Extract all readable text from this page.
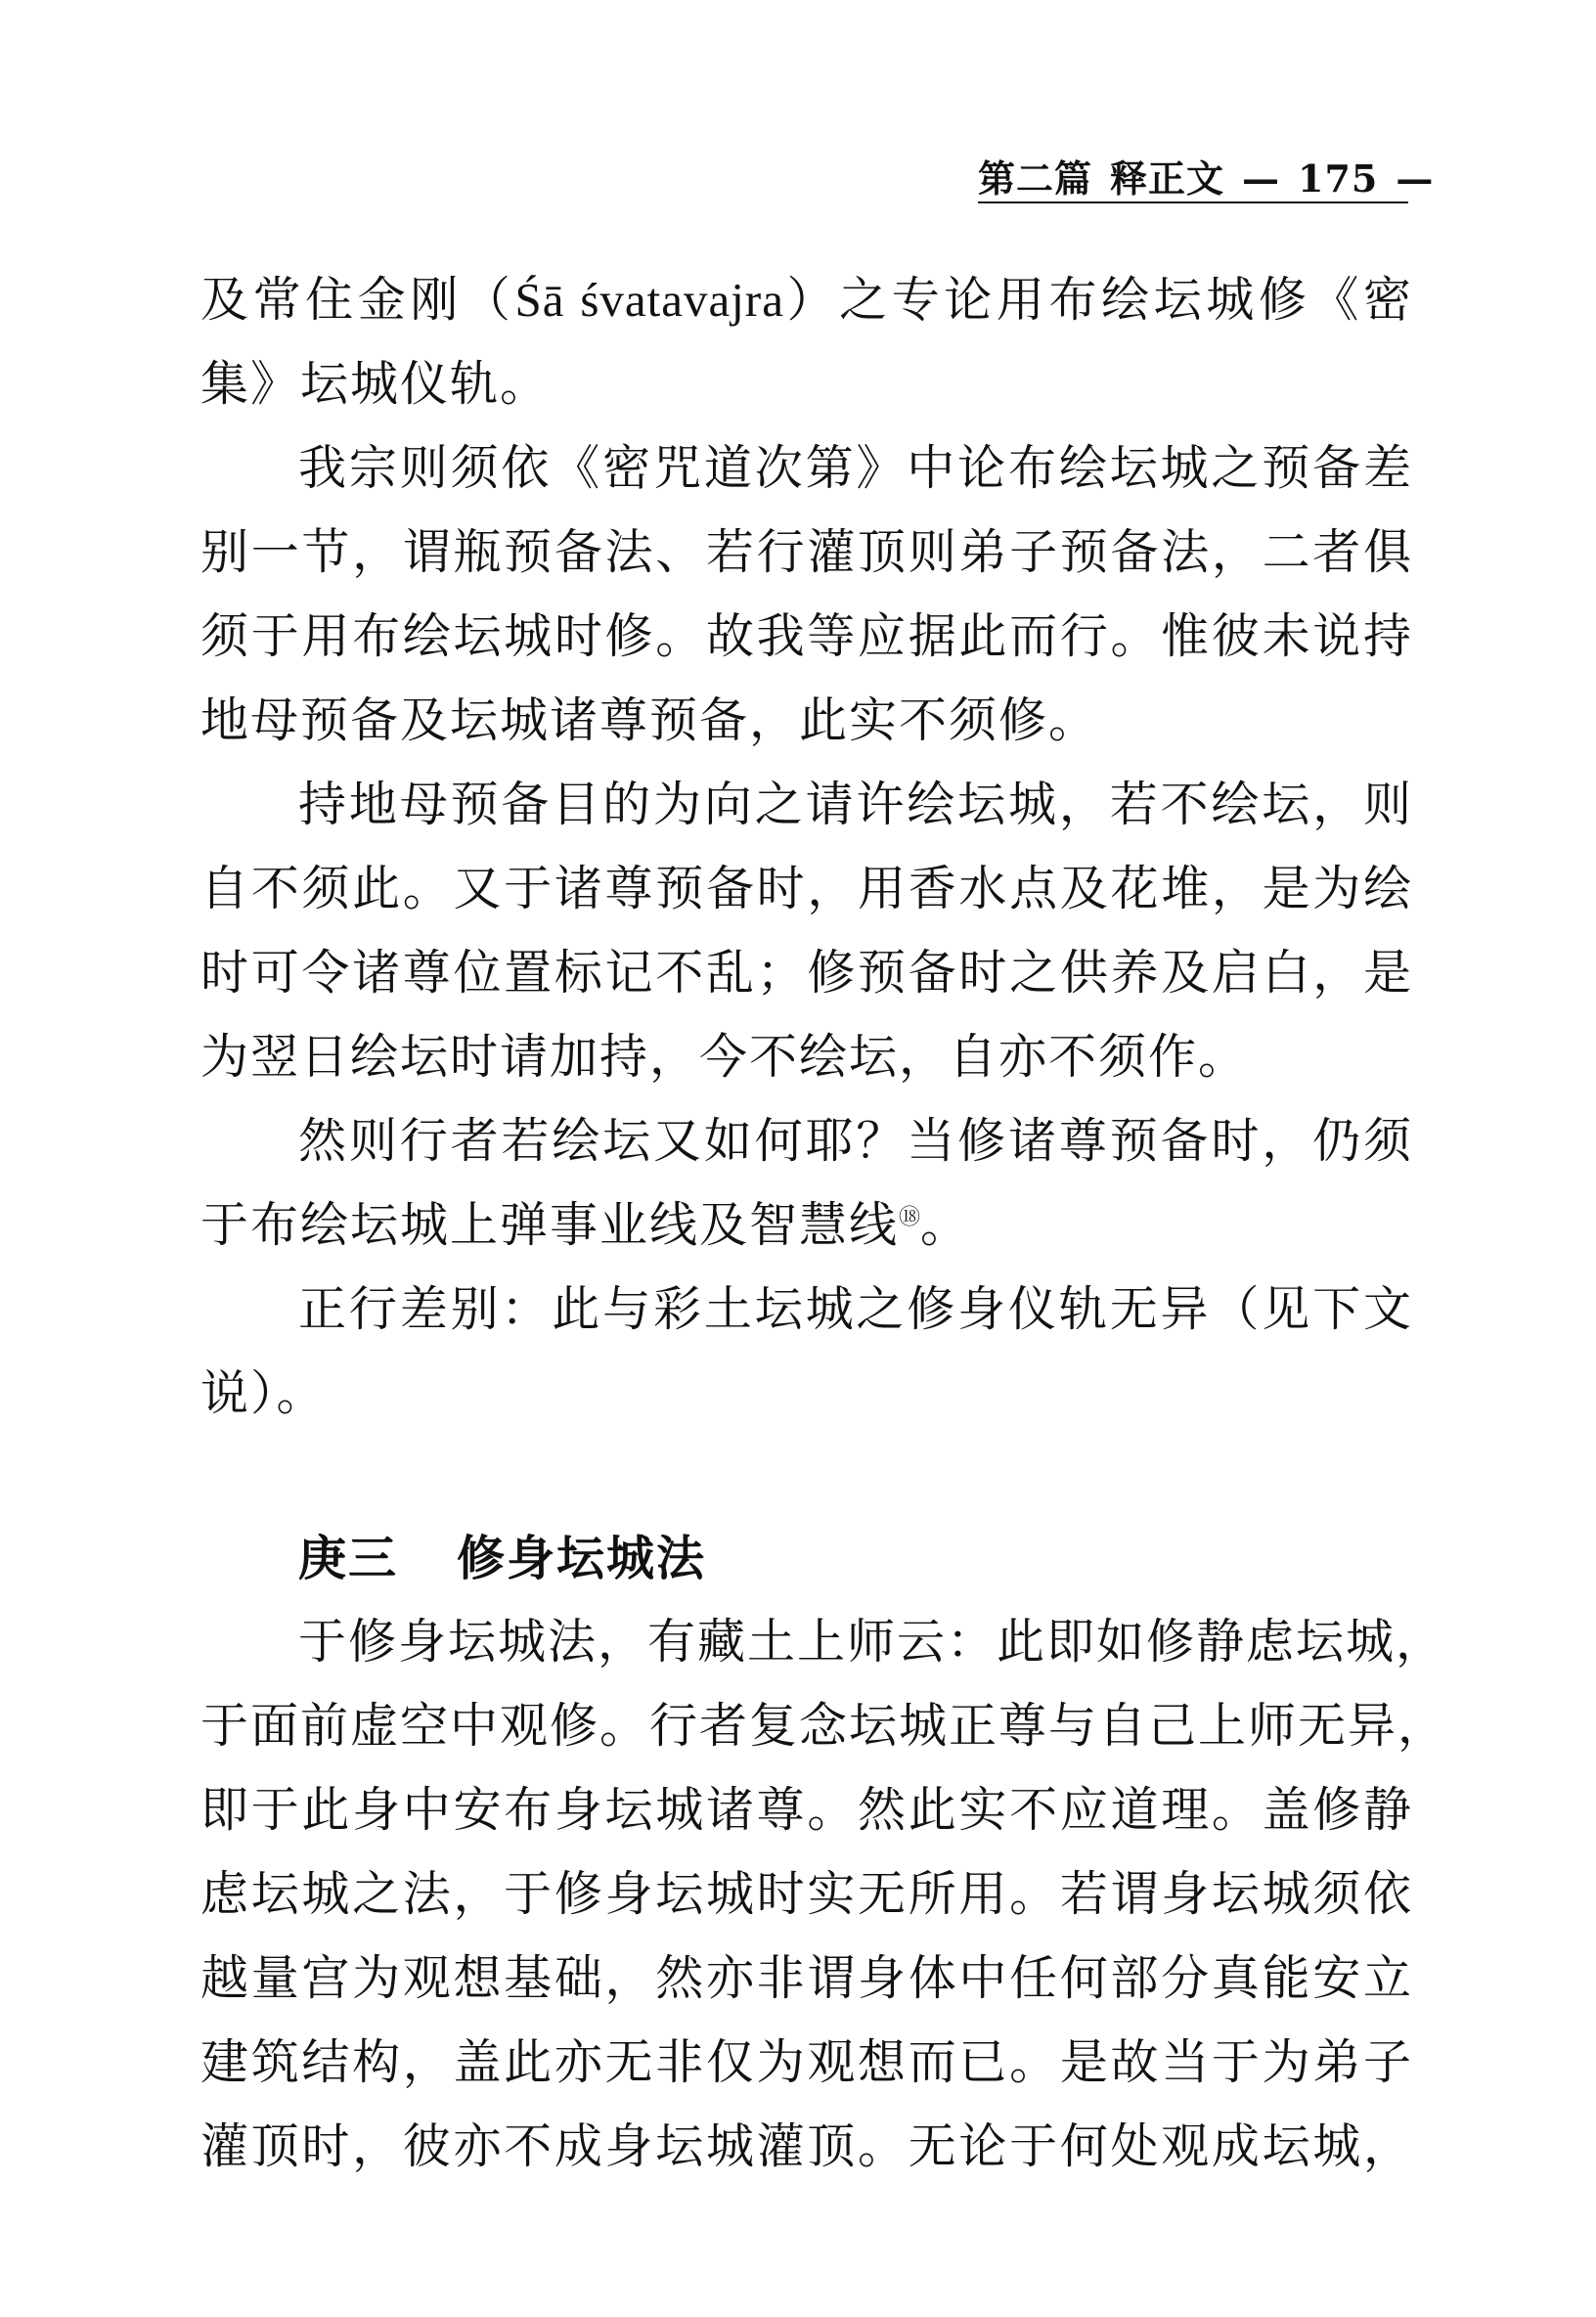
第二篇 释正文 — 175 —
及常住金刚（Śā śvatavajra）之专论用布绘坛城修《密
集》坛城仪轨。
我宗则须依《密咒道次第》中论布绘坛城之预备差
别一节，谓瓶预备法、若行灌顶则弟子预备法，二者俱
须于用布绘坛城时修。故我等应据此而行。惟彼未说持
地母预备及坛城诸尊预备，此实不须修。
持地母预备目的为向之请许绘坛城，若不绘坛，则
自不须此。又于诸尊预备时，用香水点及花堆，是为绘
时可令诸尊位置标记不乱；修预备时之供养及启白，是
为翌日绘坛时请加持，今不绘坛，自亦不须作。
然则行者若绘坛又如何耶？当修诸尊预备时，仍须
于布绘坛城上弹事业线及智慧线⑱。
正行差别：此与彩土坛城之修身仪轨无异（见下文
说）。
庚三 修身坛城法
于修身坛城法，有藏土上师云：此即如修静虑坛城，
于面前虚空中观修。行者复念坛城正尊与自己上师无异，
即于此身中安布身坛城诸尊。然此实不应道理。盖修静
虑坛城之法，于修身坛城时实无所用。若谓身坛城须依
越量宫为观想基础，然亦非谓身体中任何部分真能安立
建筑结构，盖此亦无非仅为观想而已。是故当于为弟子
灌顶时，彼亦不成身坛城灌顶。无论于何处观成坛城，
